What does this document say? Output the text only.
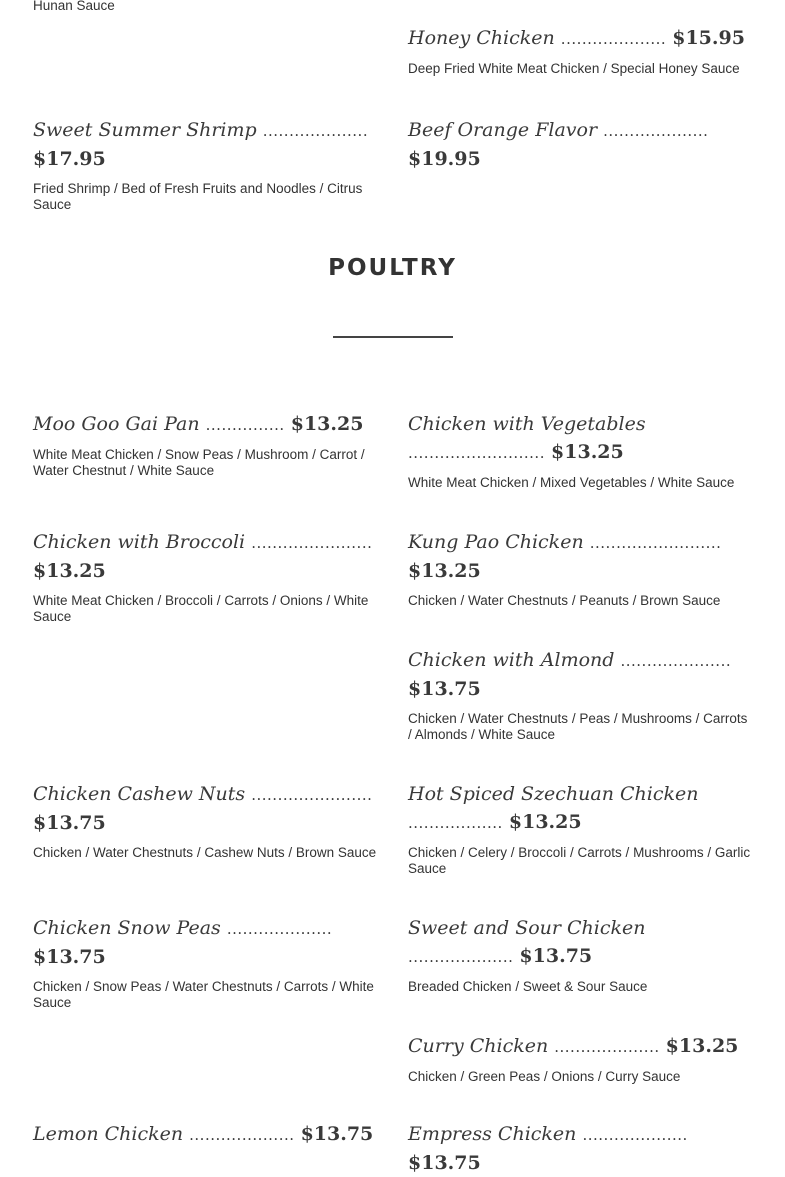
Hunan Sauce

Honey Chicken .................... $15.95

Deep Fried White Meat Chicken / Special Honey Sauce

Sweet Summer Shrimp .................... $17.95

Fried Shrimp / Bed of Fresh Fruits and Noodles / Citrus Sauce

Beef Orange Flavor .................... $19.95

POULTRY

Moo Goo Gai Pan ............... $13.25

White Meat Chicken / Snow Peas / Mushroom / Carrot / Water Chestnut / White Sauce

Chicken with Vegetables .......................... $13.25

White Meat Chicken / Mixed Vegetables / White Sauce

Chicken with Broccoli ....................... $13.25

White Meat Chicken / Broccoli / Carrots / Onions / White Sauce

Kung Pao Chicken ......................... $13.25

Chicken / Water Chestnuts / Peanuts / Brown Sauce

Chicken with Almond ..................... $13.75

Chicken / Water Chestnuts / Peas / Mushrooms / Carrots / Almonds / White Sauce

Chicken Cashew Nuts ....................... $13.75

Chicken / Water Chestnuts / Cashew Nuts / Brown Sauce

Hot Spiced Szechuan Chicken .................. $13.25

Chicken / Celery / Broccoli / Carrots / Mushrooms / Garlic Sauce

Chicken Snow Peas .................... $13.75

Chicken / Snow Peas / Water Chestnuts / Carrots / White Sauce

Sweet and Sour Chicken .................... $13.75

Breaded Chicken / Sweet & Sour Sauce

Curry Chicken .................... $13.25

Chicken / Green Peas / Onions / Curry Sauce

Lemon Chicken .................... $13.75 Empress Chicken .................... $13.75
